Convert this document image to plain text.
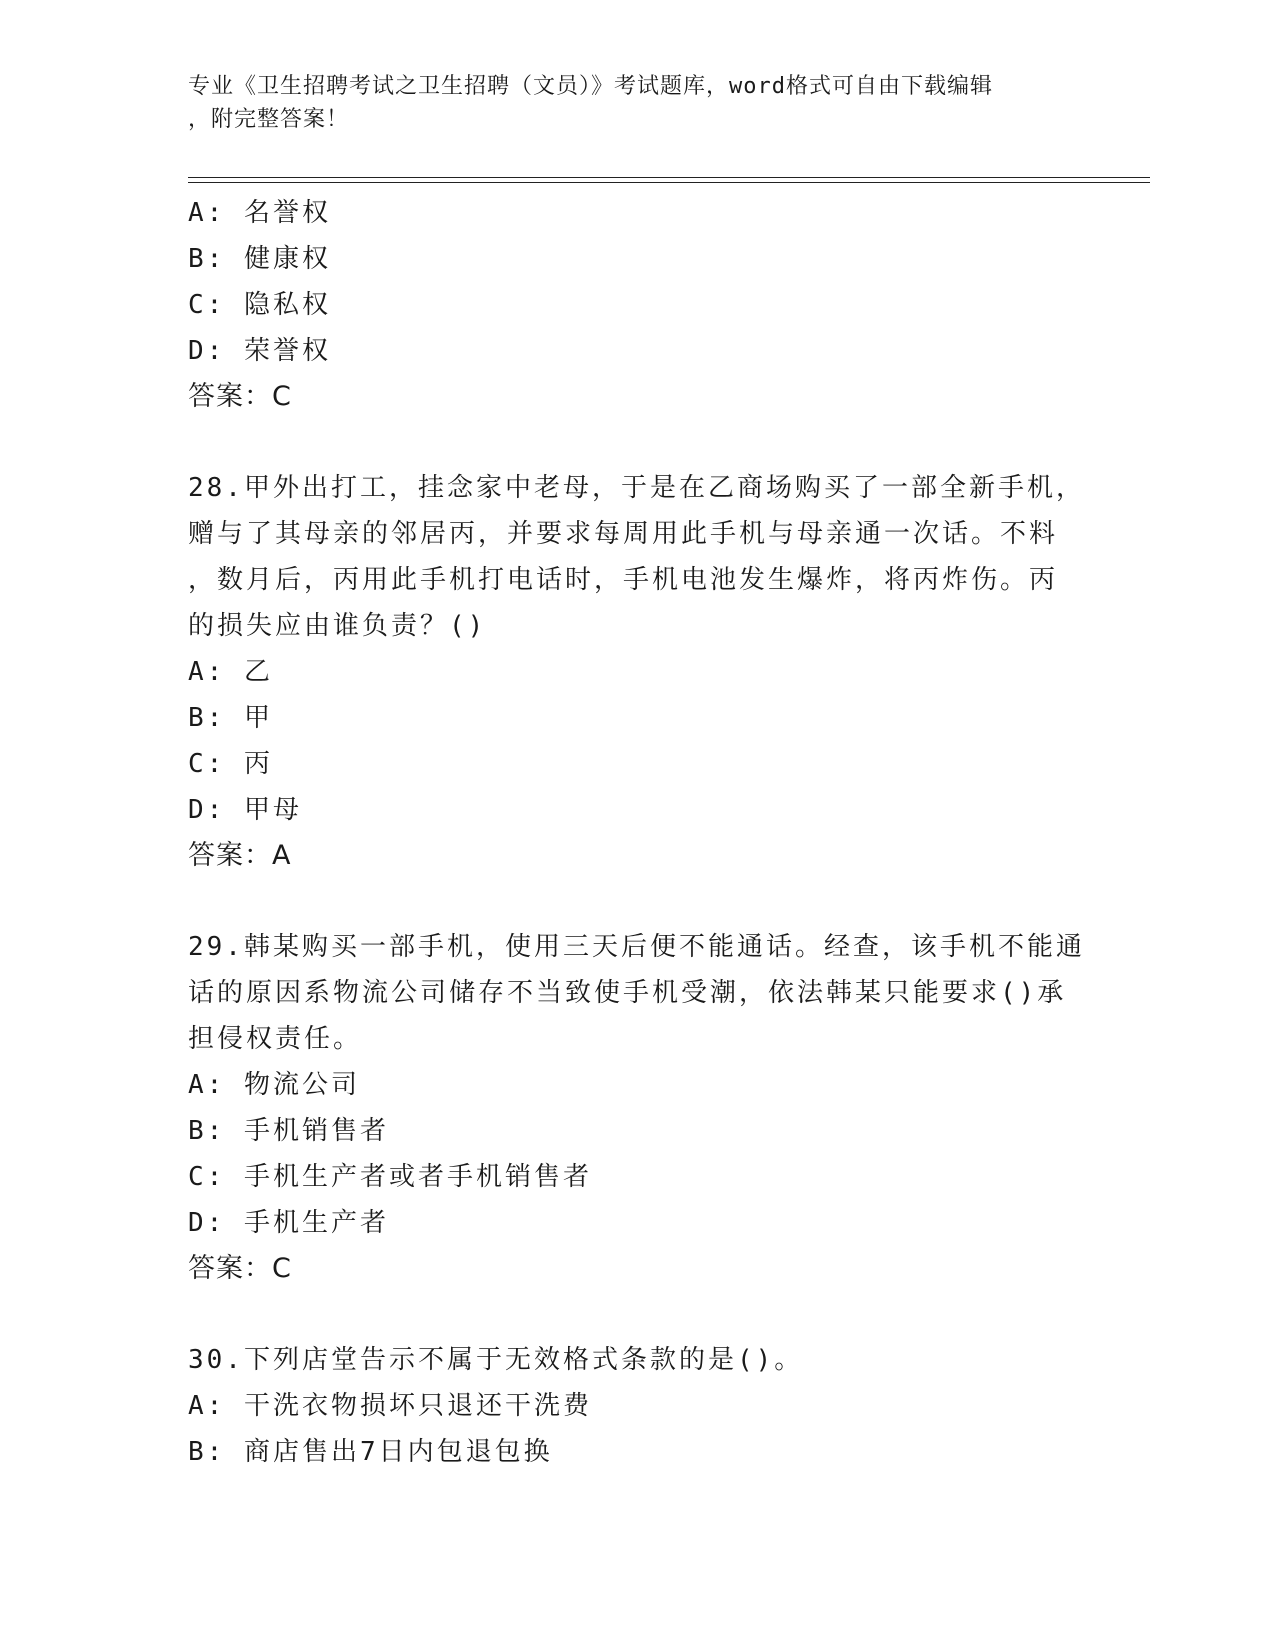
专业《卫生招聘考试之卫生招聘（文员）》考试题库，word格式可自由下载编辑
，附完整答案！
A: 名誉权
B: 健康权
C: 隐私权
D: 荣誉权
答案：C
28.甲外出打工，挂念家中老母，于是在乙商场购买了一部全新手机，
赠与了其母亲的邻居丙，并要求每周用此手机与母亲通一次话。不料
，数月后，丙用此手机打电话时，手机电池发生爆炸，将丙炸伤。丙
的损失应由谁负责？()
A: 乙
B: 甲
C: 丙
D: 甲母
答案：A
29.韩某购买一部手机，使用三天后便不能通话。经查，该手机不能通
话的原因系物流公司储存不当致使手机受潮，依法韩某只能要求()承
担侵权责任。
A: 物流公司
B: 手机销售者
C: 手机生产者或者手机销售者
D: 手机生产者
答案：C
30.下列店堂告示不属于无效格式条款的是()。
A: 干洗衣物损坏只退还干洗费
B: 商店售出7日内包退包换
